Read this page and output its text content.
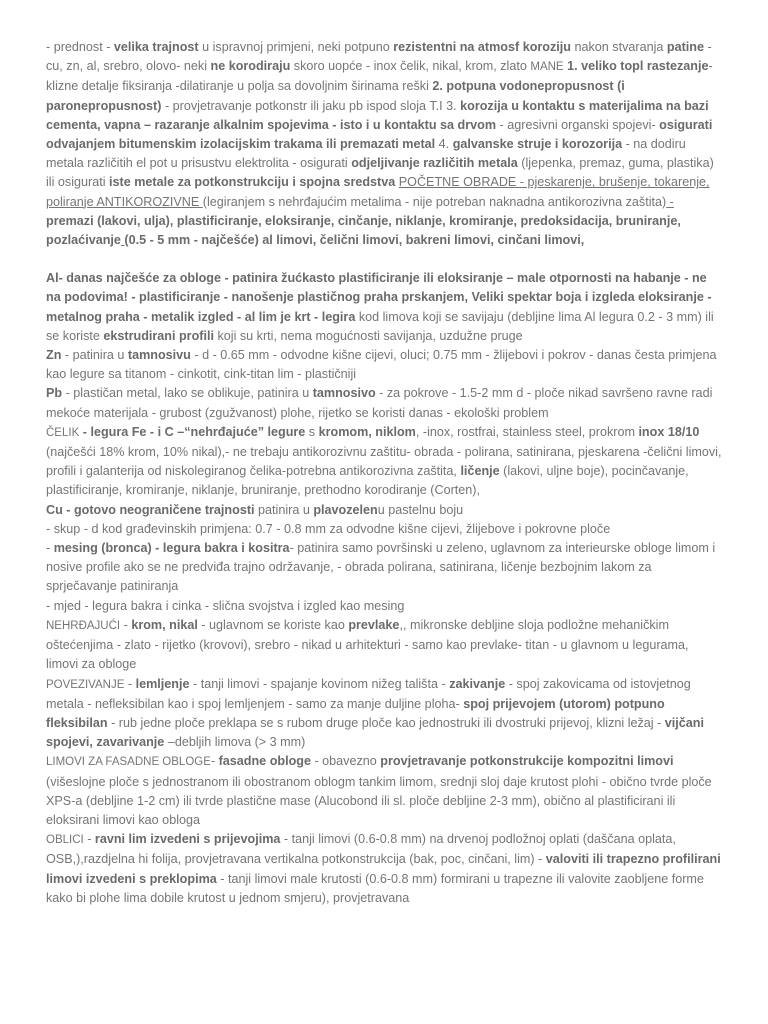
- prednost - velika trajnost u ispravnoj primjeni, neki potpuno rezistentni na atmosf koroziju nakon stvaranja patine - cu, zn, al, srebro, olovo- neki ne korodiraju skoro uopće - inox čelik, nikal, krom, zlato MANE 1. veliko topl rastezanje- klizne detalje fiksiranja -dilatiranje u polja sa dovoljnim širinama reški 2. potpuna vodonepropusnost (i paronepropusnost) - provjetravanje potkonstr ili jaku pb ispod sloja T.I 3. korozija u kontaktu s materijalima na bazi cementa, vapna – razaranje alkalnim spojevima - isto i u kontaktu sa drvom - agresivni organski spojevi- osigurati odvajanjem bitumenskim izolacijskim trakama ili premazati metal 4. galvanske struje i korozorija - na dodiru metala različitih el pot u prisustvu elektrolita - osigurati odjeljivanje različitih metala (ljepenka, premaz, guma, plastika) ili osigurati iste metale za potkonstrukciju i spojna sredstva POČETNE OBRADE - pjeskarenje, brušenje, tokarenje, poliranje ANTIKOROZIVNE (legiranjem s nehrđajućim metalima - nije potreban naknadna antikorozivna zaštita) - premazi (lakovi, ulja), plastificiranje, eloksiranje, cinčanje, niklanje, kromiranje, predoksidacija, bruniranje, pozlaćivanje (0.5 - 5 mm - najčešće) al limovi, čelični limovi, bakreni limovi, cinčani limovi,

Al- danas najčešće za obloge - patinira žućkasto plastificiranje ili eloksiranje – male otpornosti na habanje - ne na podovima! - plastificiranje - nanošenje plastičnog praha prskanjem, Veliki spektar boja i izgleda eloksiranje - metalnog praha - metalik izgled - al lim je krt - legira kod limova koji se savijaju (debljine lima Al legura 0.2 - 3 mm) ili se koriste ekstrudirani profili koji su krti, nema mogućnosti savijanja, uzdužne pruge

Zn - patinira u tamnosivu - d - 0.65 mm - odvodne kišne cijevi, oluci; 0.75 mm - žlijebovi i pokrov - danas česta primjena kao legure sa titanom - cinkotit, cink-titan lim - plastičniji

Pb - plastičan metal, lako se oblikuje, patinira u tamnosivo - za pokrove - 1.5-2 mm d - ploče nikad savršeno ravne radi mekoće materijala - grubost (zgužvanost) plohe, rijetko se koristi danas - ekološki problem

ČELIK - legura Fe - i C –“nehrđajuće” legure s kromom, niklom, -inox, rostfrai, stainless steel, prokrom inox 18/10 (najčešći 18% krom, 10% nikal),- ne trebaju antikorozivnu zaštitu- obrada - polirana, satinirana, pjeskarena -čelični limovi, profili i galanterija od niskolegiranog čelika-potrebna antikorozivna zaštita, ličenje (lakovi, uljne boje), pocinčavanje, plastificiranje, kromiranje, niklanje, bruniranje, prethodno korodiranje (Corten),

Cu - gotovo neograničene trajnosti patinira u plavozelenu pastelnu boju

- skup - d kod građevinskih primjena: 0.7 - 0.8 mm za odvodne kišne cijevi, žlijebove i pokrovne ploče

- mesing (bronca) - legura bakra i kositra- patinira samo površinski u zeleno, uglavnom za interieurske obloge limom i nosive profile ako se ne predviđa trajno održavanje, - obrada polirana, satinirana, ličenje bezbojnim lakom za sprječavanje patiniranja

- mjed - legura bakra i cinka - slična svojstva i izgled kao mesing

NEHRĐAJUĆI - krom, nikal - uglavnom se koriste kao prevlake,, mikronske debljine sloja podložne mehaničkim oštećenjima - zlato - rijetko (krovovi), srebro - nikad u arhitekturi - samo kao prevlake- titan - u glavnom u legurama, limovi za obloge

POVEZIVANJE - lemljenje - tanji limovi - spajanje kovinom nižeg tališta - zakivanje - spoj zakovicama od istovjetnog metala - nefleksibilan kao i spoj lemljenjem - samo za manje duljine ploha- spoj prijevojem (utorom) potpuno fleksibilan - rub jedne ploče preklapa se s rubom druge ploče kao jednostruki ili dvostruki prijevoj, klizni ležaj - vijčani spojevi, zavarivanje –debljih limova (> 3 mm)

LIMOVI ZA FASADNE OBLOGE- fasadne obloge - obavezno provjetravanje potkonstrukcije kompozitni limovi (višeslojne ploče s jednostranom ili obostranom oblogm tankim limom, srednji sloj daje krutost plohi - obično tvrde ploče XPS-a (debljine 1-2 cm) ili tvrde plastične mase (Alucobond ili sl. ploče debljine 2-3 mm), obično al plastificirani ili eloksirani limovi kao obloga

OBLICI - ravni lim izvedeni s prijevojima - tanji limovi (0.6-0.8 mm) na drvenoj podložnoj oplati (daščana oplata, OSB,),razdjelna hi folija, provjetravana vertikalna potkonstrukcija (bak, poc, cinčani, lim) - valoviti ili trapezno profilirani limovi izvedeni s preklopima - tanji limovi male krutosti (0.6-0.8 mm) formirani u trapezne ili valovite zaobljene forme kako bi plohe lima dobile krutost u jednom smjeru), provjetravana
